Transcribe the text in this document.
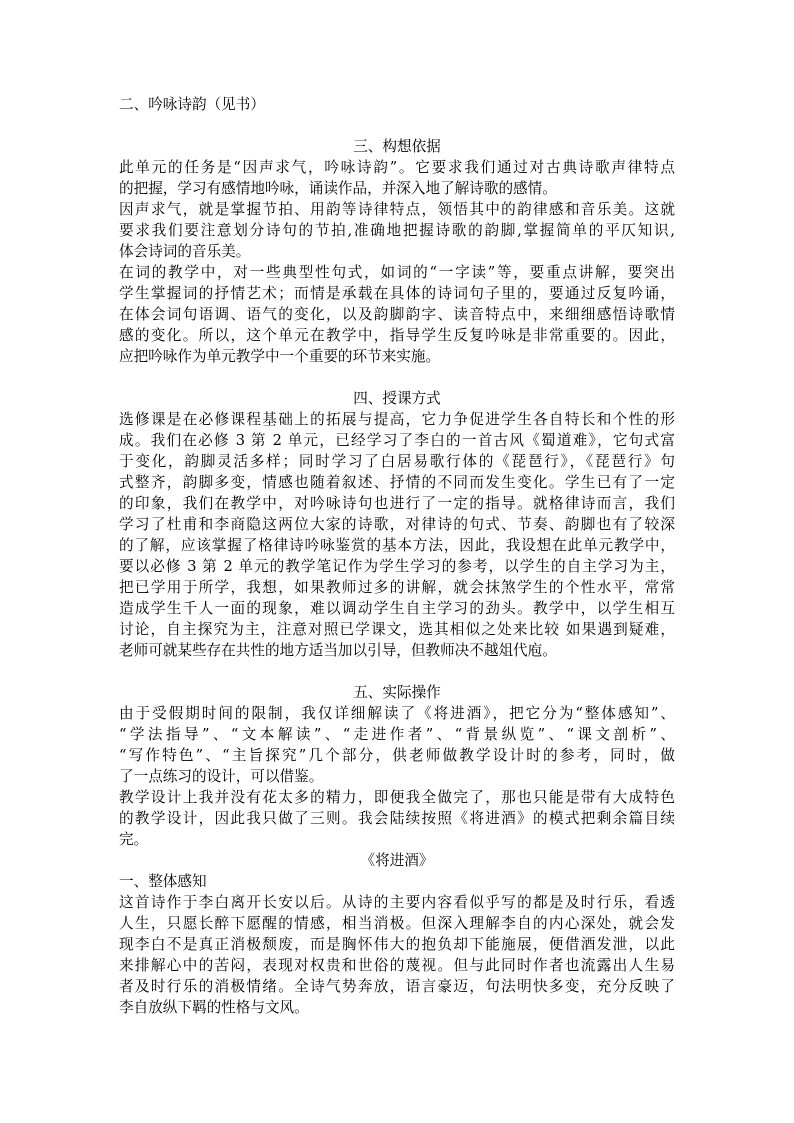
二、吟咏诗韵（见书）
三、构想依据
此单元的任务是“因声求气，吟咏诗韵”。它要求我们通过对古典诗歌声律特点
的把握，学习有感情地吟咏，诵读作品，并深入地了解诗歌的感情。
因声求气，就是掌握节拍、用韵等诗律特点，领悟其中的韵律感和音乐美。这就
要求我们要注意划分诗句的节拍,准确地把握诗歌的韵脚,掌握简单的平仄知识,
体会诗词的音乐美。
在词的教学中，对一些典型性句式，如词的“一字读”等，要重点讲解，要突出
学生掌握词的抒情艺术；而情是承载在具体的诗词句子里的，要通过反复吟诵，
在体会词句语调、语气的变化，以及韵脚韵字、读音特点中，来细细感悟诗歌情
感的变化。所以，这个单元在教学中，指导学生反复吟咏是非常重要的。因此，
应把吟咏作为单元教学中一个重要的环节来实施。
四、授课方式
选修课是在必修课程基础上的拓展与提高，它力争促进学生各自特长和个性的形
成。我们在必修 3 第 2 单元，已经学习了李白的一首古风《蜀道难》，它句式富
于变化，韵脚灵活多样；同时学习了白居易歌行体的《琵琶行》，《琵琶行》句
式整齐，韵脚多变，情感也随着叙述、抒情的不同而发生变化。学生已有了一定
的印象，我们在教学中，对吟咏诗句也进行了一定的指导。就格律诗而言，我们
学习了杜甫和李商隐这两位大家的诗歌，对律诗的句式、节奏、韵脚也有了较深
的了解，应该掌握了格律诗吟咏鉴赏的基本方法，因此，我设想在此单元教学中，
要以必修 3 第 2 单元的教学笔记作为学生学习的参考，以学生的自主学习为主，
把已学用于所学，我想，如果教师过多的讲解，就会抹煞学生的个性水平，常常
造成学生千人一面的现象，难以调动学生自主学习的劲头。教学中，以学生相互
讨论，自主探究为主，注意对照已学课文，选其相似之处来比较 如果遇到疑难，
老师可就某些存在共性的地方适当加以引导，但教师决不越俎代庖。
五、实际操作
由于受假期时间的限制，我仅详细解读了《将进酒》，把它分为“整体感知”、
“学法指导”、“文本解读”、“走进作者”、“背景纵览”、“课文剖析”、
“写作特色”、“主旨探究”几个部分，供老师做教学设计时的参考，同时，做
了一点练习的设计，可以借鉴。
教学设计上我并没有花太多的精力，即便我全做完了，那也只能是带有大成特色
的教学设计，因此我只做了三则。我会陆续按照《将进酒》的模式把剩余篇目续
完。
《将进酒》
一、整体感知
这首诗作于李白离开长安以后。从诗的主要内容看似乎写的都是及时行乐，看透
人生，只愿长醉下愿醒的情感，相当消极。但深入理解李自的内心深处，就会发
现李白不是真正消极颓废，而是胸怀伟大的抱负却下能施展，便借酒发泄，以此
来排解心中的苦闷，表现对权贵和世俗的蔑视。但与此同时作者也流露出人生易
者及时行乐的消极情绪。全诗气势奔放，语言豪迈，句法明快多变，充分反映了
李自放纵下羁的性格与文风。
